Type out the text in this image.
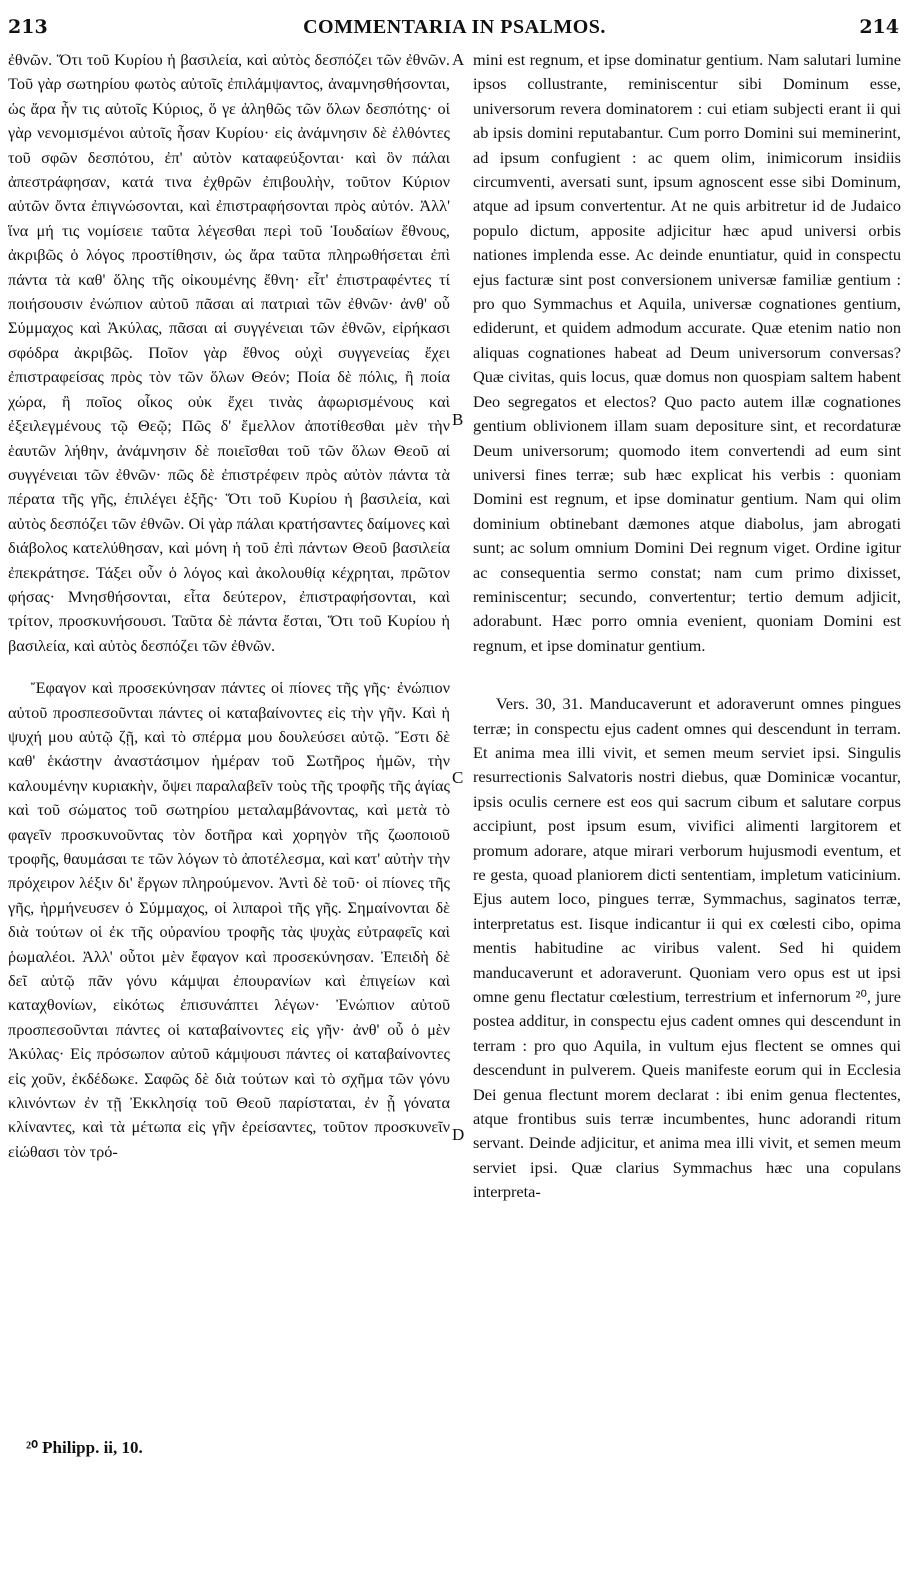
213	COMMENTARIA IN PSALMOS.	214

ἐθνῶν. Ὅτι τοῦ Κυρίου ἡ βασιλεία, καὶ αὐτὸς δεσπόζει τῶν ἐθνῶν. Τοῦ γὰρ σωτηρίου φωτὸς αὐτοῖς ἐπιλάμψαντος, ἀναμνησθήσονται, ὡς ἄρα ἦν τις αὐτοῖς Κύριος, ὅ γε ἀληθῶς τῶν ὅλων δεσπότης· οἱ γὰρ νενομισμένοι αὐτοῖς ἦσαν Κυρίου· εἰς ἀνάμνησιν δὲ ἐλθόντες τοῦ σφῶν δεσπότου, ἐπ' αὐτὸν καταφεύξονται· καὶ ὃν πάλαι ἀπεστράφησαν, κατά τινα ἐχθρῶν ἐπιβουλὴν, τοῦτον Κύριον αὐτῶν ὄντα ἐπιγνώσονται, καὶ ἐπιστραφήσονται πρὸς αὐτόν. Ἀλλ' ἵνα μή τις νομίσειε ταῦτα λέγεσθαι περὶ τοῦ Ἰουδαίων ἔθνους, ἀκριβῶς ὁ λόγος προστίθησιν, ὡς ἄρα ταῦτα πληρωθήσεται ἐπὶ πάντα τὰ καθ' ὅλης τῆς οἰκουμένης ἔθνη· εἶτ' ἐπιστραφέντες τί ποιήσουσιν ἐνώπιον αὐτοῦ πᾶσαι αἱ πατριαὶ τῶν ἐθνῶν· ἀνθ' οὗ Σύμμαχος καὶ Ἀκύλας, πᾶσαι αἱ συγγένειαι τῶν ἐθνῶν, εἰρήκασι σφόδρα ἀκριβῶς. Ποῖον γὰρ ἔθνος οὐχὶ συγγενείας ἔχει ἐπιστραφείσας πρὸς τὸν τῶν ὅλων Θεόν; Ποία δὲ πόλις, ἢ ποία χώρα, ἢ ποῖος οἶκος οὐκ ἔχει τινὰς ἀφωρισμένους καὶ ἐξειλεγμένους τῷ Θεῷ; Πῶς δ' ἔμελλον ἀποτίθεσθαι μὲν τὴν ἑαυτῶν λήθην, ἀνάμνησιν δὲ ποιεῖσθαι τοῦ τῶν ὅλων Θεοῦ αἱ συγγένειαι τῶν ἐθνῶν· πῶς δὲ ἐπιστρέφειν πρὸς αὐτὸν πάντα τὰ πέρατα τῆς γῆς, ἐπιλέγει ἑξῆς· Ὅτι τοῦ Κυρίου ἡ βασιλεία, καὶ αὐτὸς δεσπόζει τῶν ἐθνῶν. Οἱ γὰρ πάλαι κρατήσαντες δαίμονες καὶ διάβολος κατελύθησαν, καὶ μόνη ἡ τοῦ ἐπὶ πάντων Θεοῦ βασιλεία ἐπεκράτησε. Τάξει οὖν ὁ λόγος καὶ ἀκολουθίᾳ κέχρηται, πρῶτον φήσας· Μνησθήσονται, εἶτα δεύτερον, ἐπιστραφήσονται, καὶ τρίτον, προσκυνήσουσι. Ταῦτα δὲ πάντα ἔσται, Ὅτι τοῦ Κυρίου ἡ βασιλεία, καὶ αὐτὸς δεσπόζει τῶν ἐθνῶν.

Ἔφαγον καὶ προσεκύνησαν πάντες οἱ πίονες τῆς γῆς· ἐνώπιον αὐτοῦ προσπεσοῦνται πάντες οἱ καταβαίνοντες εἰς τὴν γῆν. Καὶ ἡ ψυχή μου αὐτῷ ζῇ, καὶ τὸ σπέρμα μου δουλεύσει αὐτῷ. Ἔστι δὲ καθ' ἑκάστην ἀναστάσιμον ἡμέραν τοῦ Σωτῆρος ἡμῶν, τὴν καλουμένην κυριακὴν, ὄψει παραλαβεῖν τοὺς τῆς τροφῆς τῆς ἁγίας καὶ τοῦ σώματος τοῦ σωτηρίου μεταλαμβάνοντας, καὶ μετὰ τὸ φαγεῖν προσκυνοῦντας τὸν δοτῆρα καὶ χορηγὸν τῆς ζωοποιοῦ τροφῆς, θαυμάσαι τε τῶν λόγων τὸ ἀποτέλεσμα, καὶ κατ' αὐτὴν τὴν πρόχειρον λέξιν δι' ἔργων πληρούμενον. Ἀντὶ δὲ τοῦ· οἱ πίονες τῆς γῆς, ἡρμήνευσεν ὁ Σύμμαχος, οἱ λιπαροὶ τῆς γῆς. Σημαίνονται δὲ διὰ τούτων οἱ ἐκ τῆς οὐρανίου τροφῆς τὰς ψυχὰς εὐτραφεῖς καὶ ῥωμαλέοι. Ἀλλ' οὗτοι μὲν ἔφαγον καὶ προσεκύνησαν. Ἐπειδὴ δὲ δεῖ αὐτῷ πᾶν γόνυ κάμψαι ἐπουρανίων καὶ ἐπιγείων καὶ καταχθονίων, εἰκότως ἐπισυνάπτει λέγων· Ἐνώπιον αὐτοῦ προσπεσοῦνται πάντες οἱ καταβαίνοντες εἰς γῆν· ἀνθ' οὗ ὁ μὲν Ἀκύλας· Εἰς πρόσωπον αὐτοῦ κάμψουσι πάντες οἱ καταβαίνοντες εἰς χοῦν, ἐκδέδωκε. Σαφῶς δὲ διὰ τούτων καὶ τὸ σχῆμα τῶν γόνυ κλινόντων ἐν τῇ Ἐκκλησίᾳ τοῦ Θεοῦ παρίσταται, ἐν ᾗ γόνατα κλίναντες, καὶ τὰ μέτωπα εἰς γῆν ἐρείσαντες, τοῦτον προσκυνεῖν εἰώθασι τὸν τρό-

mini est regnum, et ipse dominatur gentium. Nam salutari lumine ipsos collustrante, reminiscentur sibi Dominum esse, universorum revera dominatorem : cui etiam subjecti erant ii qui ab ipsis domini reputabantur. Cum porro Domini sui meminerint, ad ipsum confugient : ac quem olim, inimicorum insidiis circumventi, aversati sunt, ipsum agnoscent esse sibi Dominum, atque ad ipsum convertentur. At ne quis arbitretur id de Judaico populo dictum, apposite adjicitur hæc apud universi orbis nationes implenda esse. Ac deinde enuntiatur, quid in conspectu ejus facturæ sint post conversionem universæ familiæ gentium : pro quo Symmachus et Aquila, universæ cognationes gentium, ediderunt, et quidem admodum accurate. Quæ etenim natio non aliquas cognationes habeat ad Deum universorum conversas? Quæ civitas, quis locus, quæ domus non quospiam saltem habent Deo segregatos et electos? Quo pacto autem illæ cognationes gentium oblivionem illam suam depositure sint, et recordaturæ Deum universorum; quomodo item convertendi ad eum sint universi fines terræ; sub hæc explicat his verbis : quoniam Domini est regnum, et ipse dominatur gentium. Nam qui olim dominium obtinebant dæmones atque diabolus, jam abrogati sunt; ac solum omnium Domini Dei regnum viget. Ordine igitur ac consequentia sermo constat; nam cum primo dixisset, reminiscentur; secundo, convertentur; tertio demum adjicit, adorabunt. Hæc porro omnia evenient, quoniam Domini est regnum, et ipse dominatur gentium.

Vers. 30, 31. Manducaverunt et adoraverunt omnes pingues terræ; in conspectu ejus cadent omnes qui descendunt in terram. Et anima mea illi vivit, et semen meum serviet ipsi. Singulis resurrectionis Salvatoris nostri diebus, quæ Dominicæ vocantur, ipsis oculis cernere est eos qui sacrum cibum et salutare corpus accipiunt, post ipsum esum, vivifici alimenti largitorem et promum adorare, atque mirari verborum hujusmodi eventum, et re gesta, quoad planiorem dicti sententiam, impletum vaticinium. Ejus autem loco, pingues terræ, Symmachus, saginatos terræ, interpretatus est. Iisque indicantur ii qui ex cœlesti cibo, opima mentis habitudine ac viribus valent. Sed hi quidem manducaverunt et adoraverunt. Quoniam vero opus est ut ipsi omne genu flectatur cœlestium, terrestrium et infernorum ²⁰, jure postea additur, in conspectu ejus cadent omnes qui descendunt in terram : pro quo Aquila, in vultum ejus flectent se omnes qui descendunt in pulverem. Queis manifeste eorum qui in Ecclesia Dei genua flectunt morem declarat : ibi enim genua flectentes, atque frontibus suis terræ incumbentes, hunc adorandi ritum servant. Deinde adjicitur, et anima mea illi vivit, et semen meum serviet ipsi. Quæ clarius Symmachus hæc una copulans interpreta-

A
B
C
D
²⁰ Philipp. ii, 10.
